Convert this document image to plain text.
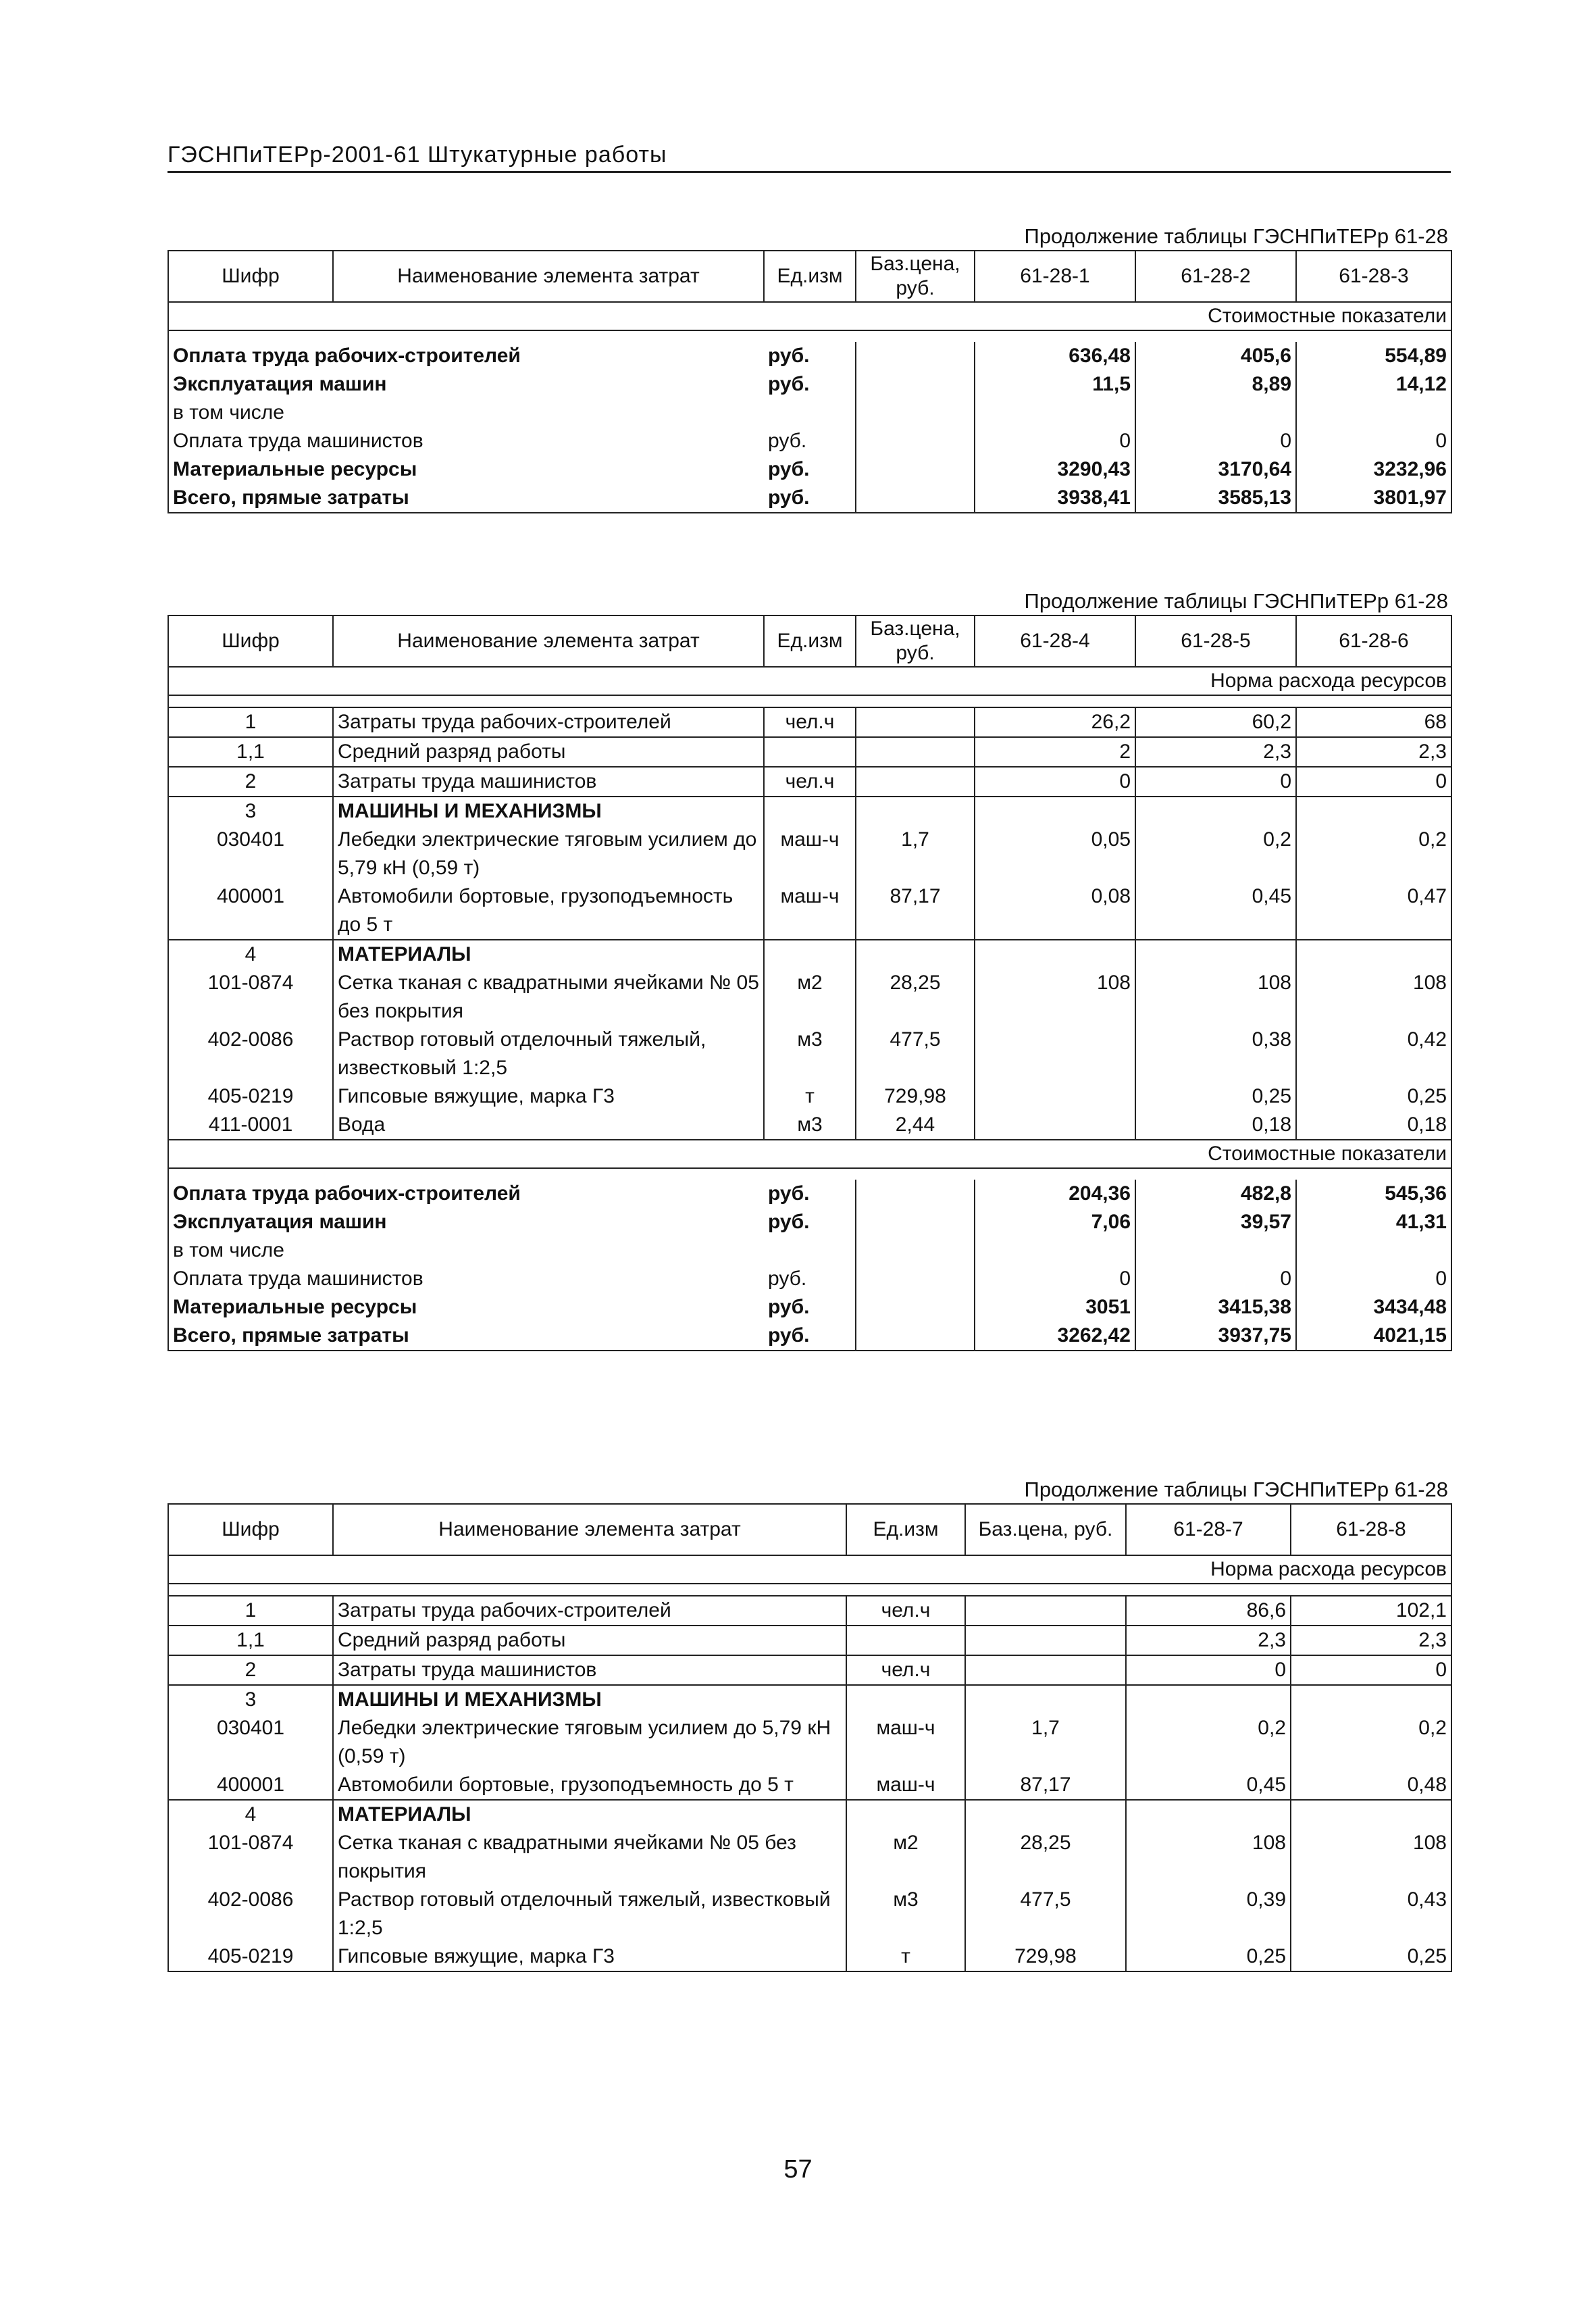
ГЭСНПиТЕРр-2001-61 Штукатурные работы
Продолжение таблицы ГЭСНПиТЕРр 61-28
Шифр	Наименование элемента затрат	Ед.изм	Баз.цена, руб.	61-28-1	61-28-2	61-28-3
Стоимостные показатели						

Оплата труда рабочих-строителей		руб.		636,48	405,6	554,89
Эксплуатация машин		руб.		11,5	8,89	14,12
в том числе						
Оплата труда машинистов		руб.		0	0	0
Материальные ресурсы		руб.		3290,43	3170,64	3232,96
Всего, прямые затраты		руб.		3938,41	3585,13	3801,97
Продолжение таблицы ГЭСНПиТЕРр 61-28
Шифр	Наименование элемента затрат	Ед.изм	Баз.цена, руб.	61-28-4	61-28-5	61-28-6
Норма расхода ресурсов						

1	Затраты труда рабочих-строителей	чел.ч		26,2	60,2	68
1,1	Средний разряд работы			2	2,3	2,3
2	Затраты труда машинистов	чел.ч		0	0	0
3	МАШИНЫ И МЕХАНИЗМЫ					
030401	Лебедки электрические тяговым усилием до 5,79 кН (0,59 т)	маш-ч	1,7	0,05	0,2	0,2
400001	Автомобили бортовые, грузоподъемность до 5 т	маш-ч	87,17	0,08	0,45	0,47
4	МАТЕРИАЛЫ					
101-0874	Сетка тканая с квадратными ячейками № 05 без покрытия	м2	28,25	108	108	108
402-0086	Раствор готовый отделочный тяжелый, известковый 1:2,5	м3	477,5		0,38	0,42
405-0219	Гипсовые вяжущие, марка Г3	т	729,98		0,25	0,25
411-0001	Вода	м3	2,44		0,18	0,18
Стоимостные показатели						

Оплата труда рабочих-строителей		руб.		204,36	482,8	545,36
Эксплуатация машин		руб.		7,06	39,57	41,31
в том числе						
Оплата труда машинистов		руб.		0	0	0
Материальные ресурсы		руб.		3051	3415,38	3434,48
Всего, прямые затраты		руб.		3262,42	3937,75	4021,15
Продолжение таблицы ГЭСНПиТЕРр 61-28
Шифр	Наименование элемента затрат	Ед.изм	Баз.цена, руб.	61-28-7	61-28-8
Норма расхода ресурсов					

1	Затраты труда рабочих-строителей	чел.ч		86,6	102,1
1,1	Средний разряд работы			2,3	2,3
2	Затраты труда машинистов	чел.ч		0	0
3	МАШИНЫ И МЕХАНИЗМЫ				
030401	Лебедки электрические тяговым усилием до 5,79 кН (0,59 т)	маш-ч	1,7	0,2	0,2
400001	Автомобили бортовые, грузоподъемность до 5 т	маш-ч	87,17	0,45	0,48
4	МАТЕРИАЛЫ				
101-0874	Сетка тканая с квадратными ячейками № 05 без покрытия	м2	28,25	108	108
402-0086	Раствор готовый отделочный тяжелый, известковый 1:2,5	м3	477,5	0,39	0,43
405-0219	Гипсовые вяжущие, марка Г3	т	729,98	0,25	0,25
57
